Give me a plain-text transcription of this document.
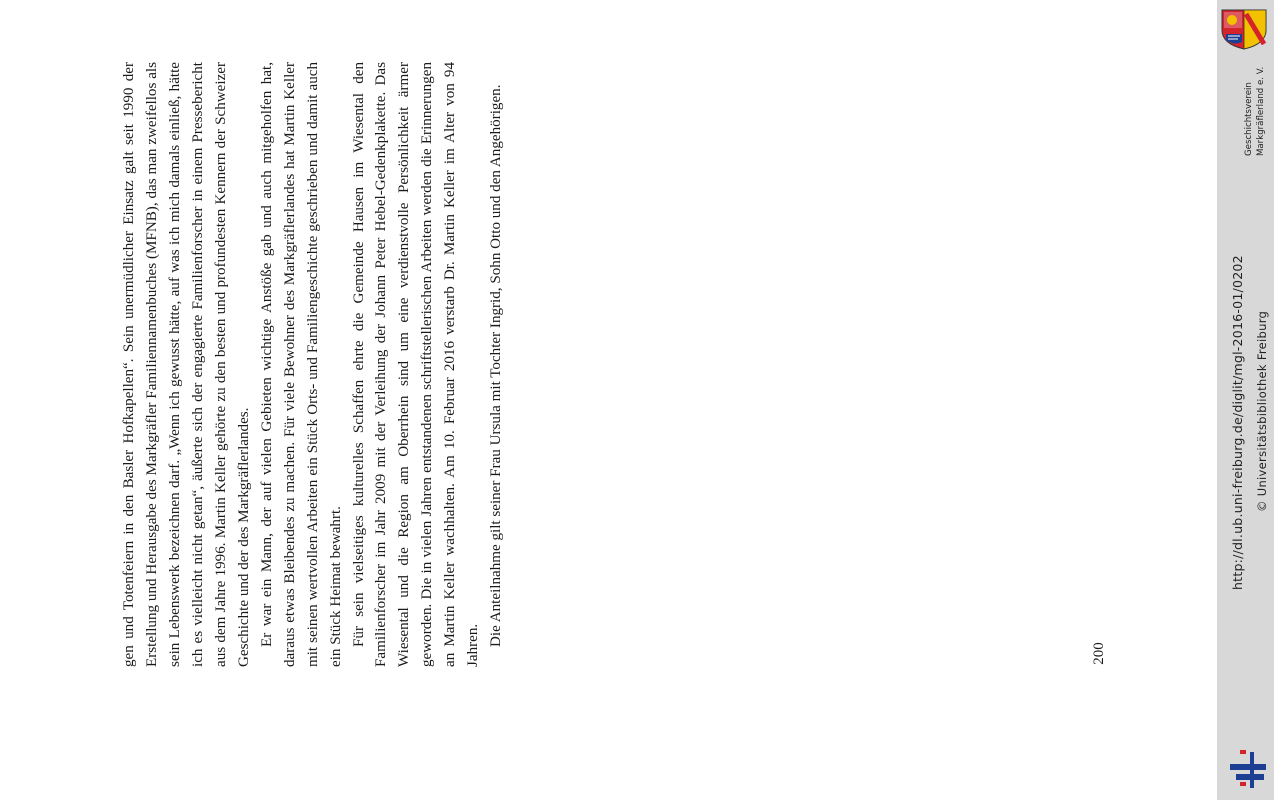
gen und Totenfeiern in den Basler Hofkapellen“. Sein unermüdlicher Einsatz galt seit 1990 der Erstellung und Herausgabe des Markgräfler Familiennamenbuches (MFNB), das man zweifellos als sein Lebenswerk bezeichnen darf. „Wenn ich gewusst hätte, auf was ich mich damals einließ, hätte ich es vielleicht nicht getan“, äußerte sich der engagierte Familienforscher in einem Pressebericht aus dem Jahre 1996. Martin Keller gehörte zu den besten und profundesten Kennern der Schweizer Geschichte und der des Markgräflerlandes. Er war ein Mann, der auf vielen Gebieten wichtige Anstöße gab und auch mitgeholfen hat, daraus etwas Bleibendes zu machen. Für viele Bewohner des Markgräflerlandes hat Martin Keller mit seinen wertvollen Arbeiten ein Stück Orts- und Familiengeschichte geschrieben und damit auch ein Stück Heimat bewahrt. Für sein vielseitiges kulturelles Schaffen ehrte die Gemeinde Hausen im Wiesental den Familienforscher im Jahr 2009 mit der Verleihung der Johann Peter Hebel-Gedenkplakette. Das Wiesental und die Region am Oberrhein sind um eine verdienstvolle Persönlichkeit ärmer geworden. Die in vielen Jahren entstandenen schriftstellerischen Arbeiten werden die Erinnerungen an Martin Keller wachhalten. Am 10. Februar 2016 verstarb Dr. Martin Keller im Alter von 94 Jahren. Die Anteilnahme gilt seiner Frau Ursula mit Tochter Ingrid, Sohn Otto und den Angehörigen.

200
Geschichtsverein Markgräflerland e. V.
http://dl.ub.uni-freiburg.de/diglit/mgl-2016-01/0202 © Universitätsbibliothek Freiburg
